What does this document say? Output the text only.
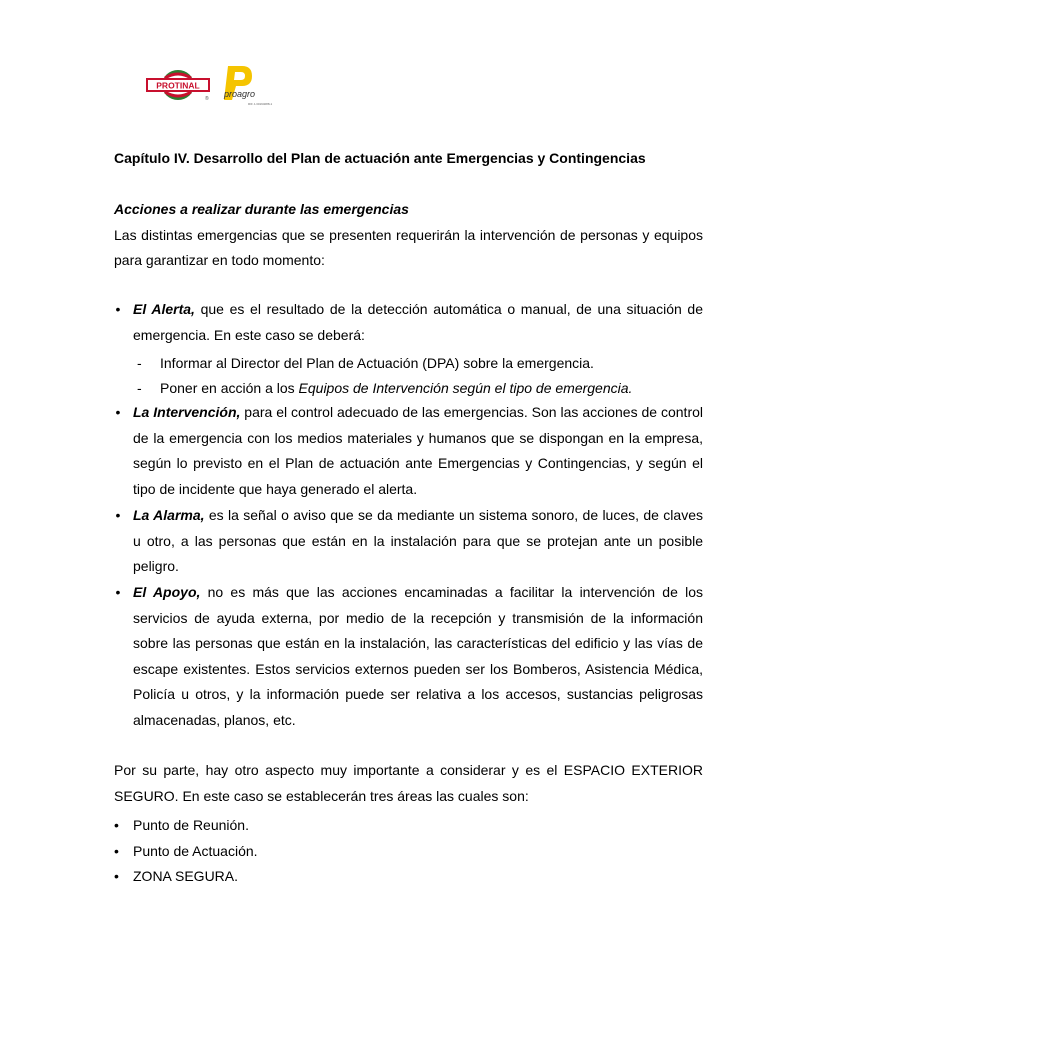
PROTINAL
® proagro
RIF J-30194088-1
Capítulo IV. Desarrollo del Plan de actuación ante Emergencias y Contingencias
Acciones a realizar durante las emergencias
Las distintas emergencias que se presenten requerirán la intervención de personas y equipos para garantizar en todo momento:
• El Alerta, que es el resultado de la detección automática o manual, de una situación de emergencia. En este caso se deberá:
- Informar al Director del Plan de Actuación (DPA) sobre la emergencia.
- Poner en acción a los Equipos de Intervención según el tipo de emergencia.
• La Intervención, para el control adecuado de las emergencias. Son las acciones de control de la emergencia con los medios materiales y humanos que se dispongan en la empresa, según lo previsto en el Plan de actuación ante Emergencias y Contingencias, y según el tipo de incidente que haya generado el alerta.
• La Alarma, es la señal o aviso que se da mediante un sistema sonoro, de luces, de claves u otro, a las personas que están en la instalación para que se protejan ante un posible peligro.
• El Apoyo, no es más que las acciones encaminadas a facilitar la intervención de los servicios de ayuda externa, por medio de la recepción y transmisión de la información sobre las personas que están en la instalación, las características del edificio y las vías de escape existentes. Estos servicios externos pueden ser los Bomberos, Asistencia Médica, Policía u otros, y la información puede ser relativa a los accesos, sustancias peligrosas almacenadas, planos, etc.
Por su parte, hay otro aspecto muy importante a considerar y es el ESPACIO EXTERIOR SEGURO. En este caso se establecerán tres áreas las cuales son:
• Punto de Reunión.
• Punto de Actuación.
• ZONA SEGURA.
